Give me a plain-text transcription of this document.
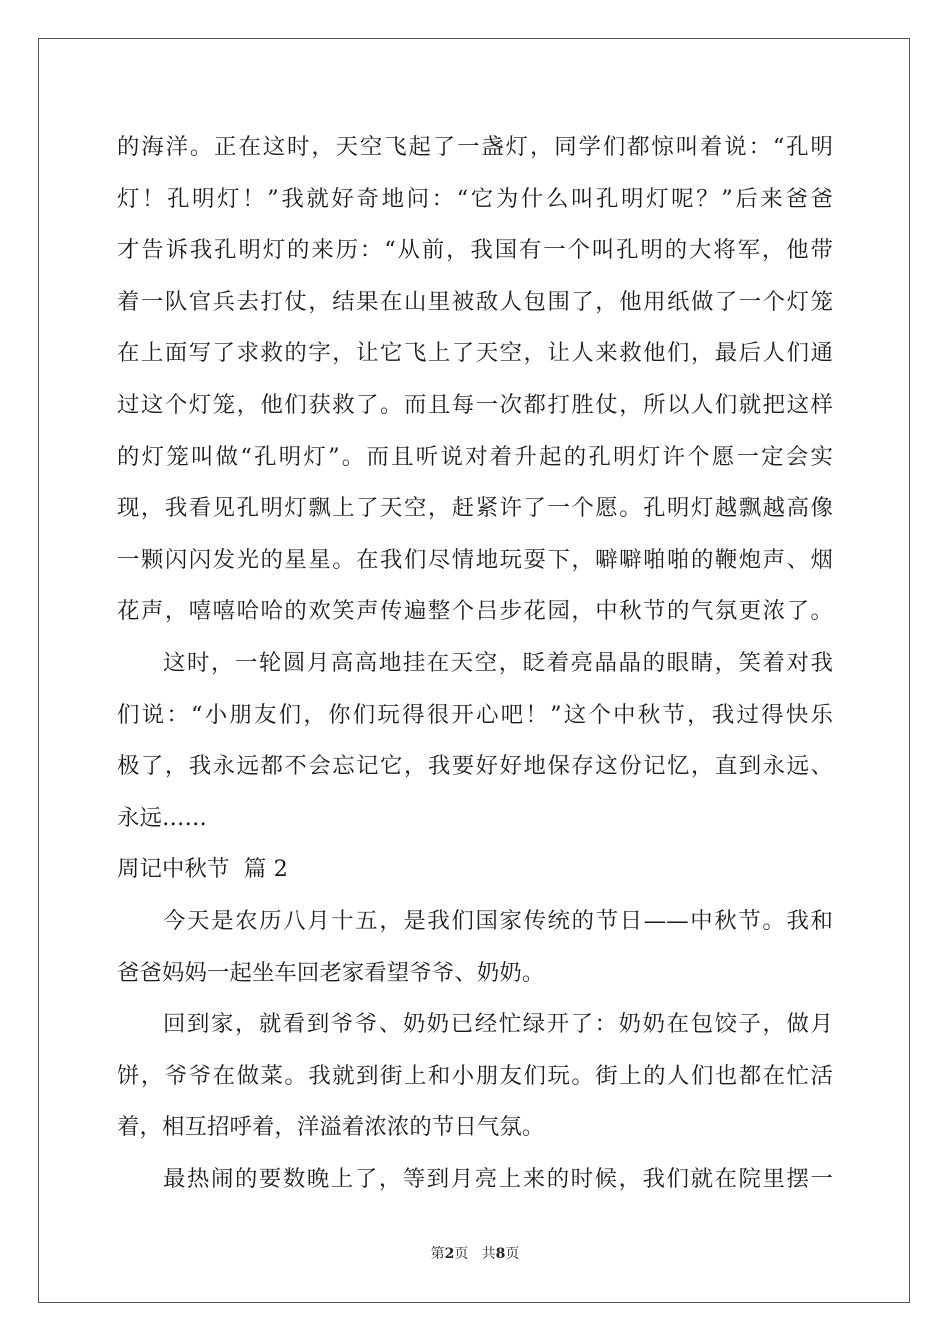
的海洋。正在这时，天空飞起了一盏灯，同学们都惊叫着说：“孔明
灯！孔明灯！”我就好奇地问：“它为什么叫孔明灯呢？”后来爸爸
才告诉我孔明灯的来历：“从前，我国有一个叫孔明的大将军，他带
着一队官兵去打仗，结果在山里被敌人包围了，他用纸做了一个灯笼
在上面写了求救的字，让它飞上了天空，让人来救他们，最后人们通
过这个灯笼，他们获救了。而且每一次都打胜仗，所以人们就把这样
的灯笼叫做“孔明灯”。而且听说对着升起的孔明灯许个愿一定会实
现，我看见孔明灯飘上了天空，赶紧许了一个愿。孔明灯越飘越高像
一颗闪闪发光的星星。在我们尽情地玩耍下，噼噼啪啪的鞭炮声、烟
花声，嘻嘻哈哈的欢笑声传遍整个吕步花园，中秋节的气氛更浓了。
这时，一轮圆月高高地挂在天空，眨着亮晶晶的眼睛，笑着对我
们说：“小朋友们，你们玩得很开心吧！”这个中秋节，我过得快乐
极了，我永远都不会忘记它，我要好好地保存这份记忆，直到永远、
永远……
周记中秋节  篇 2
今天是农历八月十五，是我们国家传统的节日——中秋节。我和
爸爸妈妈一起坐车回老家看望爷爷、奶奶。
回到家，就看到爷爷、奶奶已经忙绿开了：奶奶在包饺子，做月
饼，爷爷在做菜。我就到街上和小朋友们玩。街上的人们也都在忙活
着，相互招呼着，洋溢着浓浓的节日气氛。
最热闹的要数晚上了，等到月亮上来的时候，我们就在院里摆一
第2页   共8页
